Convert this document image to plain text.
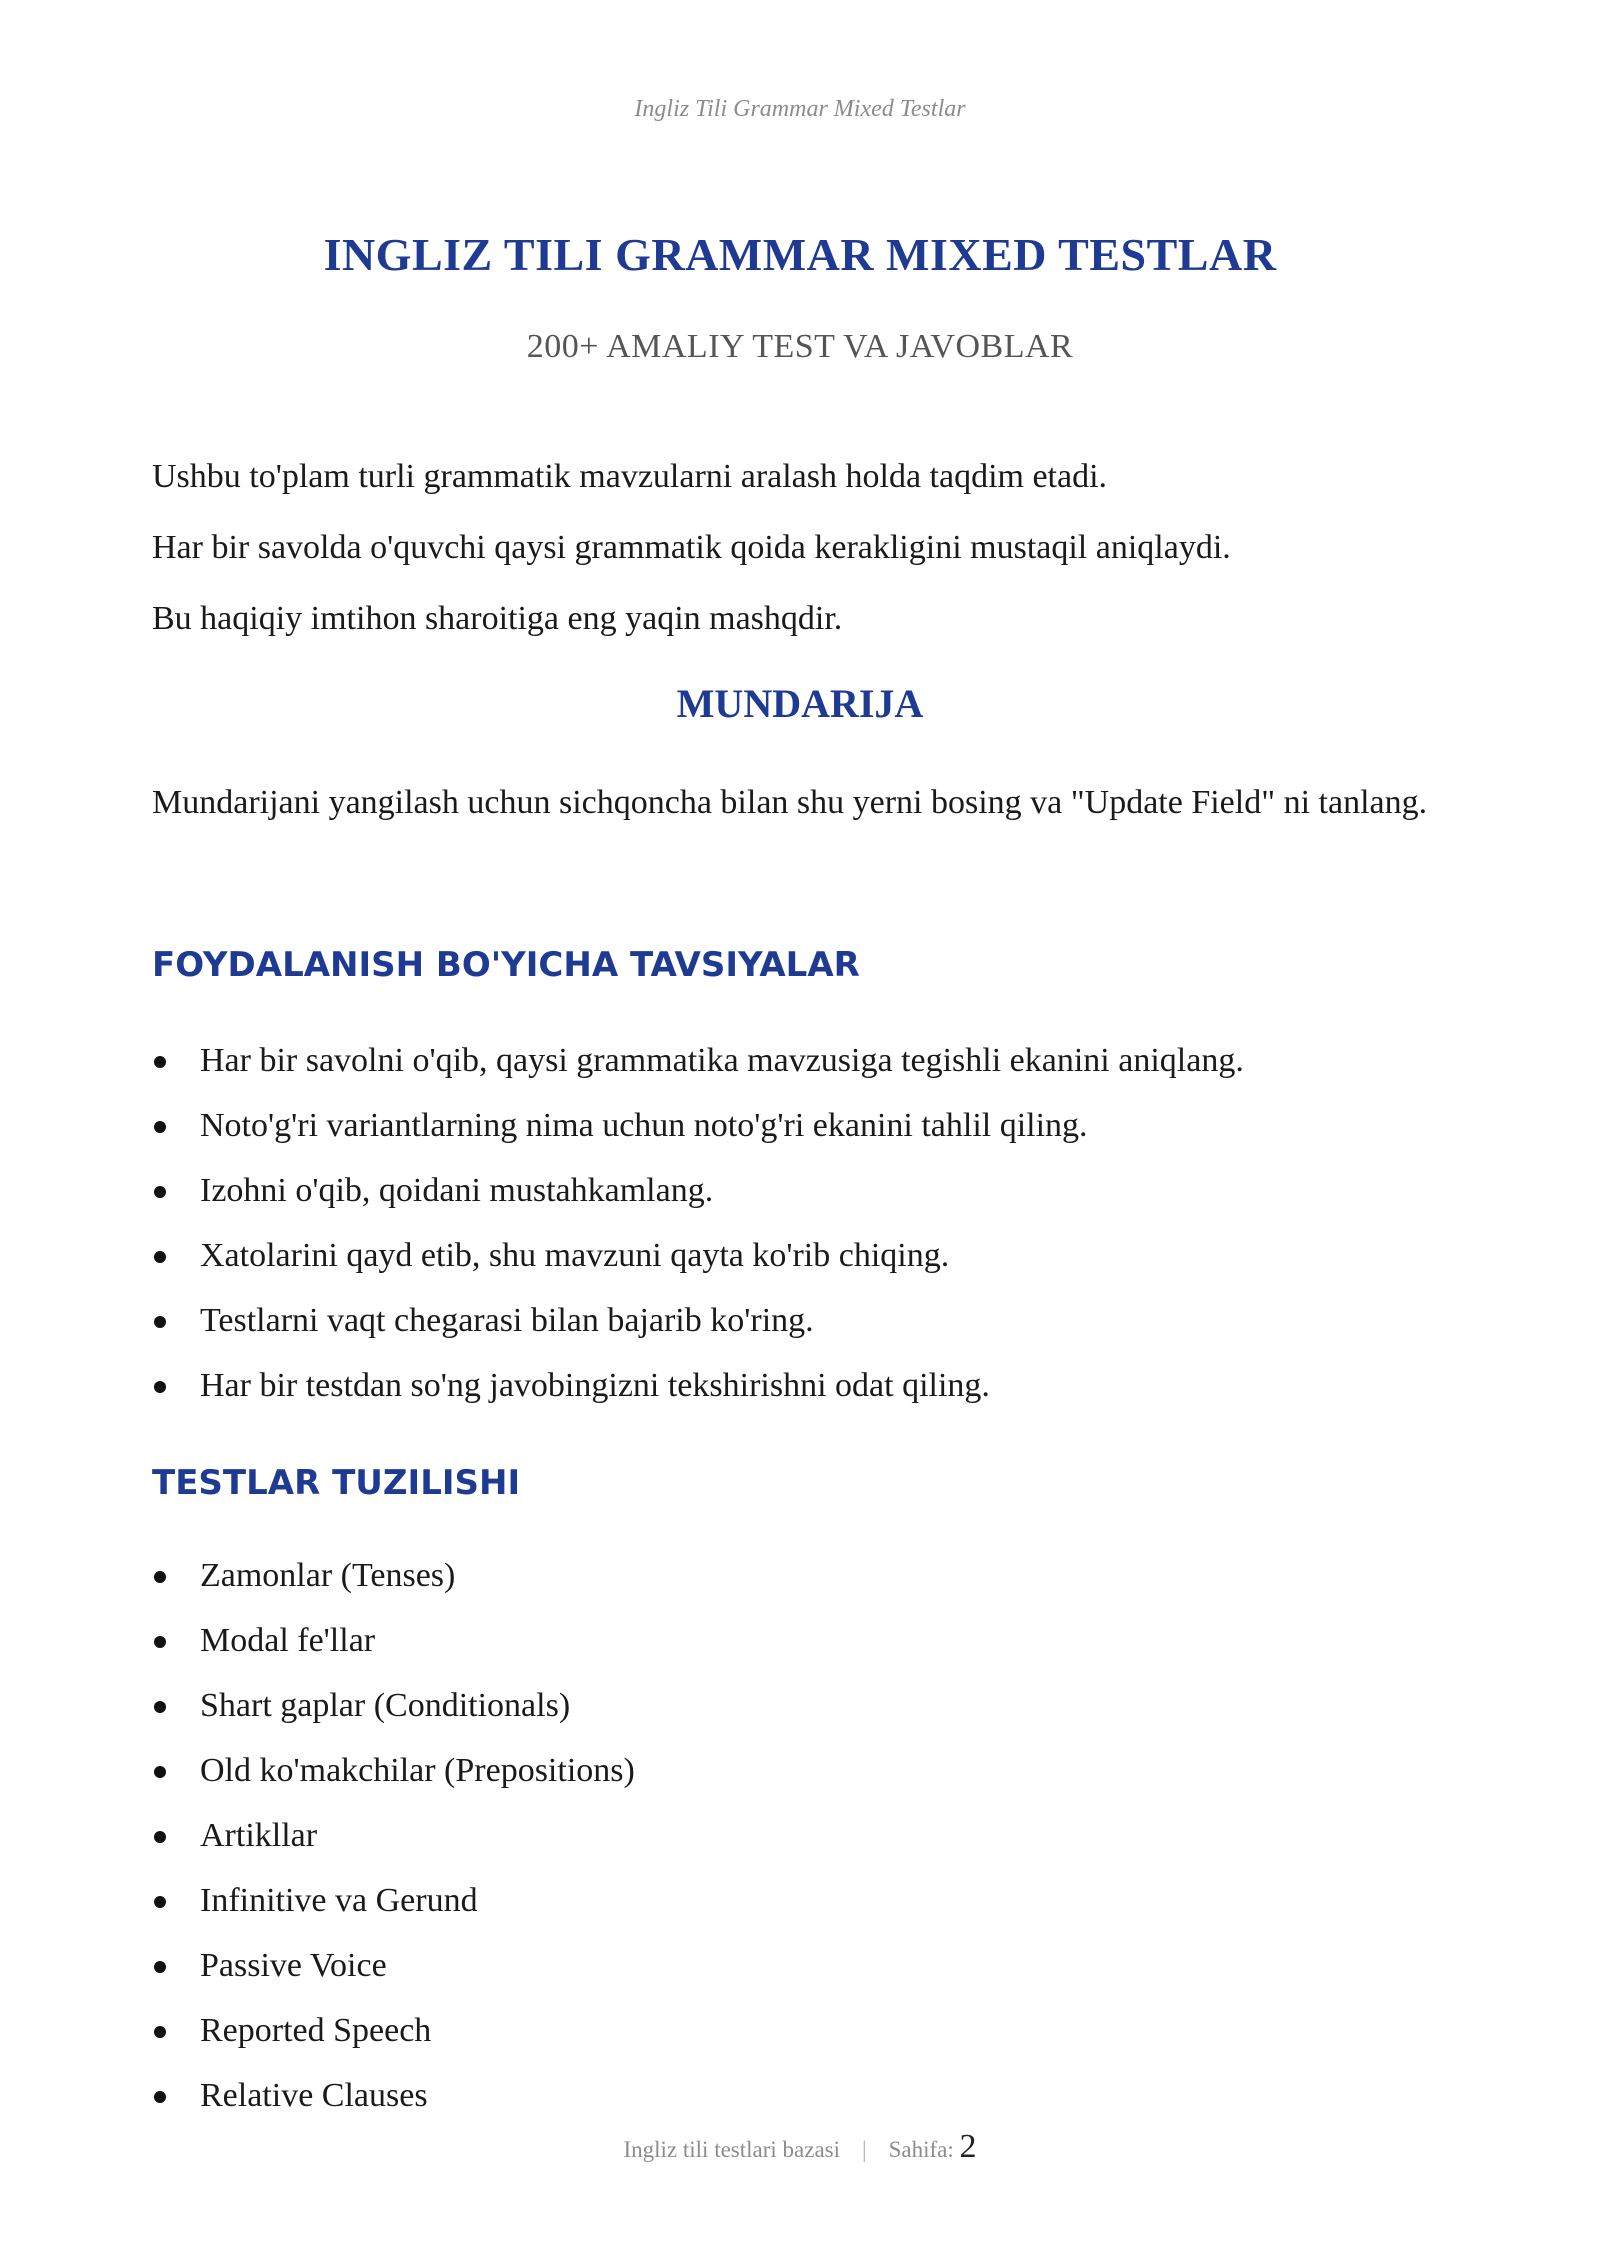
Ingliz Tili Grammar Mixed Testlar
INGLIZ TILI GRAMMAR MIXED TESTLAR
200+ AMALIY TEST VA JAVOBLAR

Ushbu to'plam turli grammatik mavzularni aralash holda taqdim etadi.

Har bir savolda o'quvchi qaysi grammatik qoida kerakligini mustaqil aniqlaydi.

Bu haqiqiy imtihon sharoitiga eng yaqin mashqdir.

MUNDARIJA
Mundarijani yangilash uchun sichqoncha bilan shu yerni bosing va "Update Field" ni tanlang.
FOYDALANISH BO'YICHA TAVSIYALAR
Har bir savolni o'qib, qaysi grammatika mavzusiga tegishli ekanini aniqlang.
Noto'g'ri variantlarning nima uchun noto'g'ri ekanini tahlil qiling.
Izohni o'qib, qoidani mustahkamlang.
Xatolarini qayd etib, shu mavzuni qayta ko'rib chiqing.
Testlarni vaqt chegarasi bilan bajarib ko'ring.
Har bir testdan so'ng javobingizni tekshirishni odat qiling.
TESTLAR TUZILISHI
Zamonlar (Tenses)
Modal fe'llar
Shart gaplar (Conditionals)
Old ko'makchilar (Prepositions)
Artikllar
Infinitive va Gerund
Passive Voice
Reported Speech
Relative Clauses
Ingliz tili testlari bazasi | Sahifa: 2
